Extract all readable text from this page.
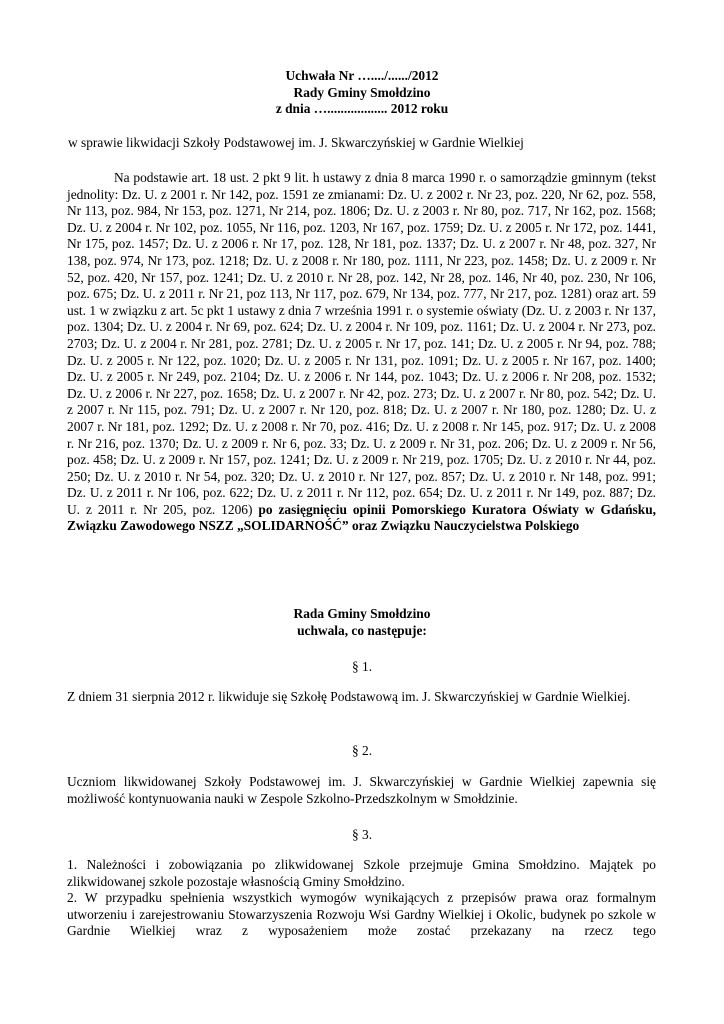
Uchwała Nr …..../....../2012
Rady Gminy Smołdzino
z dnia ….................. 2012 roku
w sprawie likwidacji Szkoły Podstawowej im. J. Skwarczyńskiej w Gardnie Wielkiej
Na podstawie art. 18 ust. 2 pkt 9 lit. h ustawy z dnia 8 marca 1990 r. o samorządzie gminnym (tekst jednolity: Dz. U. z 2001 r. Nr 142, poz. 1591 ze zmianami: Dz. U. z 2002 r. Nr 23, poz. 220, Nr 62, poz. 558, Nr 113, poz. 984, Nr 153, poz. 1271, Nr 214, poz. 1806; Dz. U. z 2003 r. Nr 80, poz. 717, Nr 162, poz. 1568; Dz. U. z 2004 r. Nr 102, poz. 1055, Nr 116, poz. 1203, Nr 167, poz. 1759; Dz. U. z 2005 r. Nr 172, poz. 1441, Nr 175, poz. 1457; Dz. U. z 2006 r. Nr 17, poz. 128, Nr 181, poz. 1337; Dz. U. z 2007 r. Nr 48, poz. 327, Nr 138, poz. 974, Nr 173, poz. 1218; Dz. U. z 2008 r. Nr 180, poz. 1111, Nr 223, poz. 1458; Dz. U. z 2009 r. Nr 52, poz. 420, Nr 157, poz. 1241; Dz. U. z 2010 r. Nr 28, poz. 142, Nr 28, poz. 146, Nr 40, poz. 230, Nr 106, poz. 675; Dz. U. z 2011 r. Nr 21, poz 113, Nr 117, poz. 679, Nr 134, poz. 777, Nr 217, poz. 1281) oraz art. 59 ust. 1 w związku z art. 5c pkt 1 ustawy z dnia 7 września 1991 r. o systemie oświaty (Dz. U. z 2003 r. Nr 137, poz. 1304; Dz. U. z 2004 r. Nr 69, poz. 624; Dz. U. z 2004 r. Nr 109, poz. 1161; Dz. U. z 2004 r. Nr 273, poz. 2703; Dz. U. z 2004 r. Nr 281, poz. 2781; Dz. U. z 2005 r. Nr 17, poz. 141; Dz. U. z 2005 r. Nr 94, poz. 788; Dz. U. z 2005 r. Nr 122, poz. 1020; Dz. U. z 2005 r. Nr 131, poz. 1091; Dz. U. z 2005 r. Nr 167, poz. 1400; Dz. U. z 2005 r. Nr 249, poz. 2104; Dz. U. z 2006 r. Nr 144, poz. 1043; Dz. U. z 2006 r. Nr 208, poz. 1532; Dz. U. z 2006 r. Nr 227, poz. 1658; Dz. U. z 2007 r. Nr 42, poz. 273; Dz. U. z 2007 r. Nr 80, poz. 542; Dz. U. z 2007 r. Nr 115, poz. 791; Dz. U. z 2007 r. Nr 120, poz. 818; Dz. U. z 2007 r. Nr 180, poz. 1280; Dz. U. z 2007 r. Nr 181, poz. 1292; Dz. U. z 2008 r. Nr 70, poz. 416; Dz. U. z 2008 r. Nr 145, poz. 917; Dz. U. z 2008 r. Nr 216, poz. 1370; Dz. U. z 2009 r. Nr 6, poz. 33; Dz. U. z 2009 r. Nr 31, poz. 206; Dz. U. z 2009 r. Nr 56, poz. 458; Dz. U. z 2009 r. Nr 157, poz. 1241; Dz. U. z 2009 r. Nr 219, poz. 1705; Dz. U. z 2010 r. Nr 44, poz. 250; Dz. U. z 2010 r. Nr 54, poz. 320; Dz. U. z 2010 r. Nr 127, poz. 857; Dz. U. z 2010 r. Nr 148, poz. 991; Dz. U. z 2011 r. Nr 106, poz. 622; Dz. U. z 2011 r. Nr 112, poz. 654; Dz. U. z 2011 r. Nr 149, poz. 887; Dz. U. z 2011 r. Nr 205, poz. 1206) po zasięgnięciu opinii Pomorskiego Kuratora Oświaty w Gdańsku, Związku Zawodowego NSZZ „SOLIDARNOŚĆ” oraz Związku Nauczycielstwa Polskiego
Rada Gminy Smołdzino
uchwala, co następuje:
§ 1.
Z dniem 31 sierpnia 2012 r. likwiduje się Szkołę Podstawową im. J. Skwarczyńskiej w Gardnie Wielkiej.
§ 2.
Uczniom likwidowanej Szkoły Podstawowej im. J. Skwarczyńskiej w Gardnie Wielkiej zapewnia się możliwość kontynuowania nauki w Zespole Szkolno-Przedszkolnym w Smołdzinie.
§ 3.
1. Należności i zobowiązania po zlikwidowanej Szkole przejmuje Gmina Smołdzino. Majątek po zlikwidowanej szkole pozostaje własnością Gminy Smołdzino.
2. W przypadku spełnienia wszystkich wymogów wynikających z przepisów prawa oraz formalnym utworzeniu i zarejestrowaniu Stowarzyszenia Rozwoju Wsi Gardny Wielkiej i Okolic, budynek po szkole w Gardnie Wielkiej wraz z wyposażeniem może zostać przekazany na rzecz tego
